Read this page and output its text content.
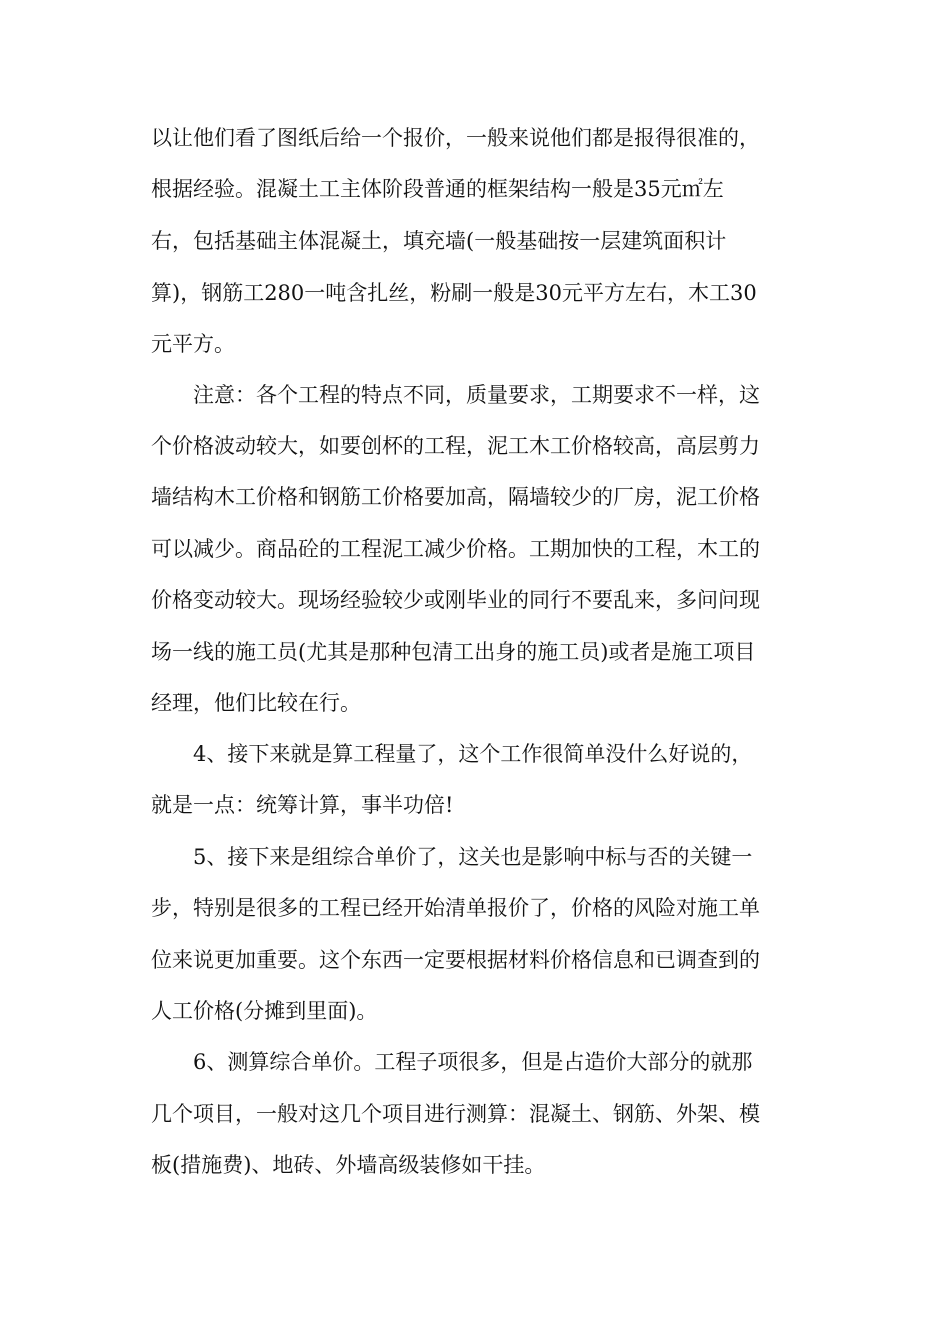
以让他们看了图纸后给一个报价，一般来说他们都是报得很准的，
根据经验。混凝土工主体阶段普通的框架结构一般是35元㎡左
右，包括基础主体混凝土，填充墙(一般基础按一层建筑面积计
算)，钢筋工280一吨含扎丝，粉刷一般是30元平方左右，木工30
元平方。
注意：各个工程的特点不同，质量要求，工期要求不一样，这
个价格波动较大，如要创杯的工程，泥工木工价格较高，高层剪力
墙结构木工价格和钢筋工价格要加高，隔墙较少的厂房，泥工价格
可以减少。商品砼的工程泥工减少价格。工期加快的工程，木工的
价格变动较大。现场经验较少或刚毕业的同行不要乱来，多问问现
场一线的施工员(尤其是那种包清工出身的施工员)或者是施工项目
经理，他们比较在行。
4、接下来就是算工程量了，这个工作很简单没什么好说的，
就是一点：统筹计算，事半功倍!
5、接下来是组综合单价了，这关也是影响中标与否的关键一
步，特别是很多的工程已经开始清单报价了，价格的风险对施工单
位来说更加重要。这个东西一定要根据材料价格信息和已调查到的
人工价格(分摊到里面)。
6、测算综合单价。工程子项很多，但是占造价大部分的就那
几个项目，一般对这几个项目进行测算：混凝土、钢筋、外架、模
板(措施费)、地砖、外墙高级装修如干挂。
